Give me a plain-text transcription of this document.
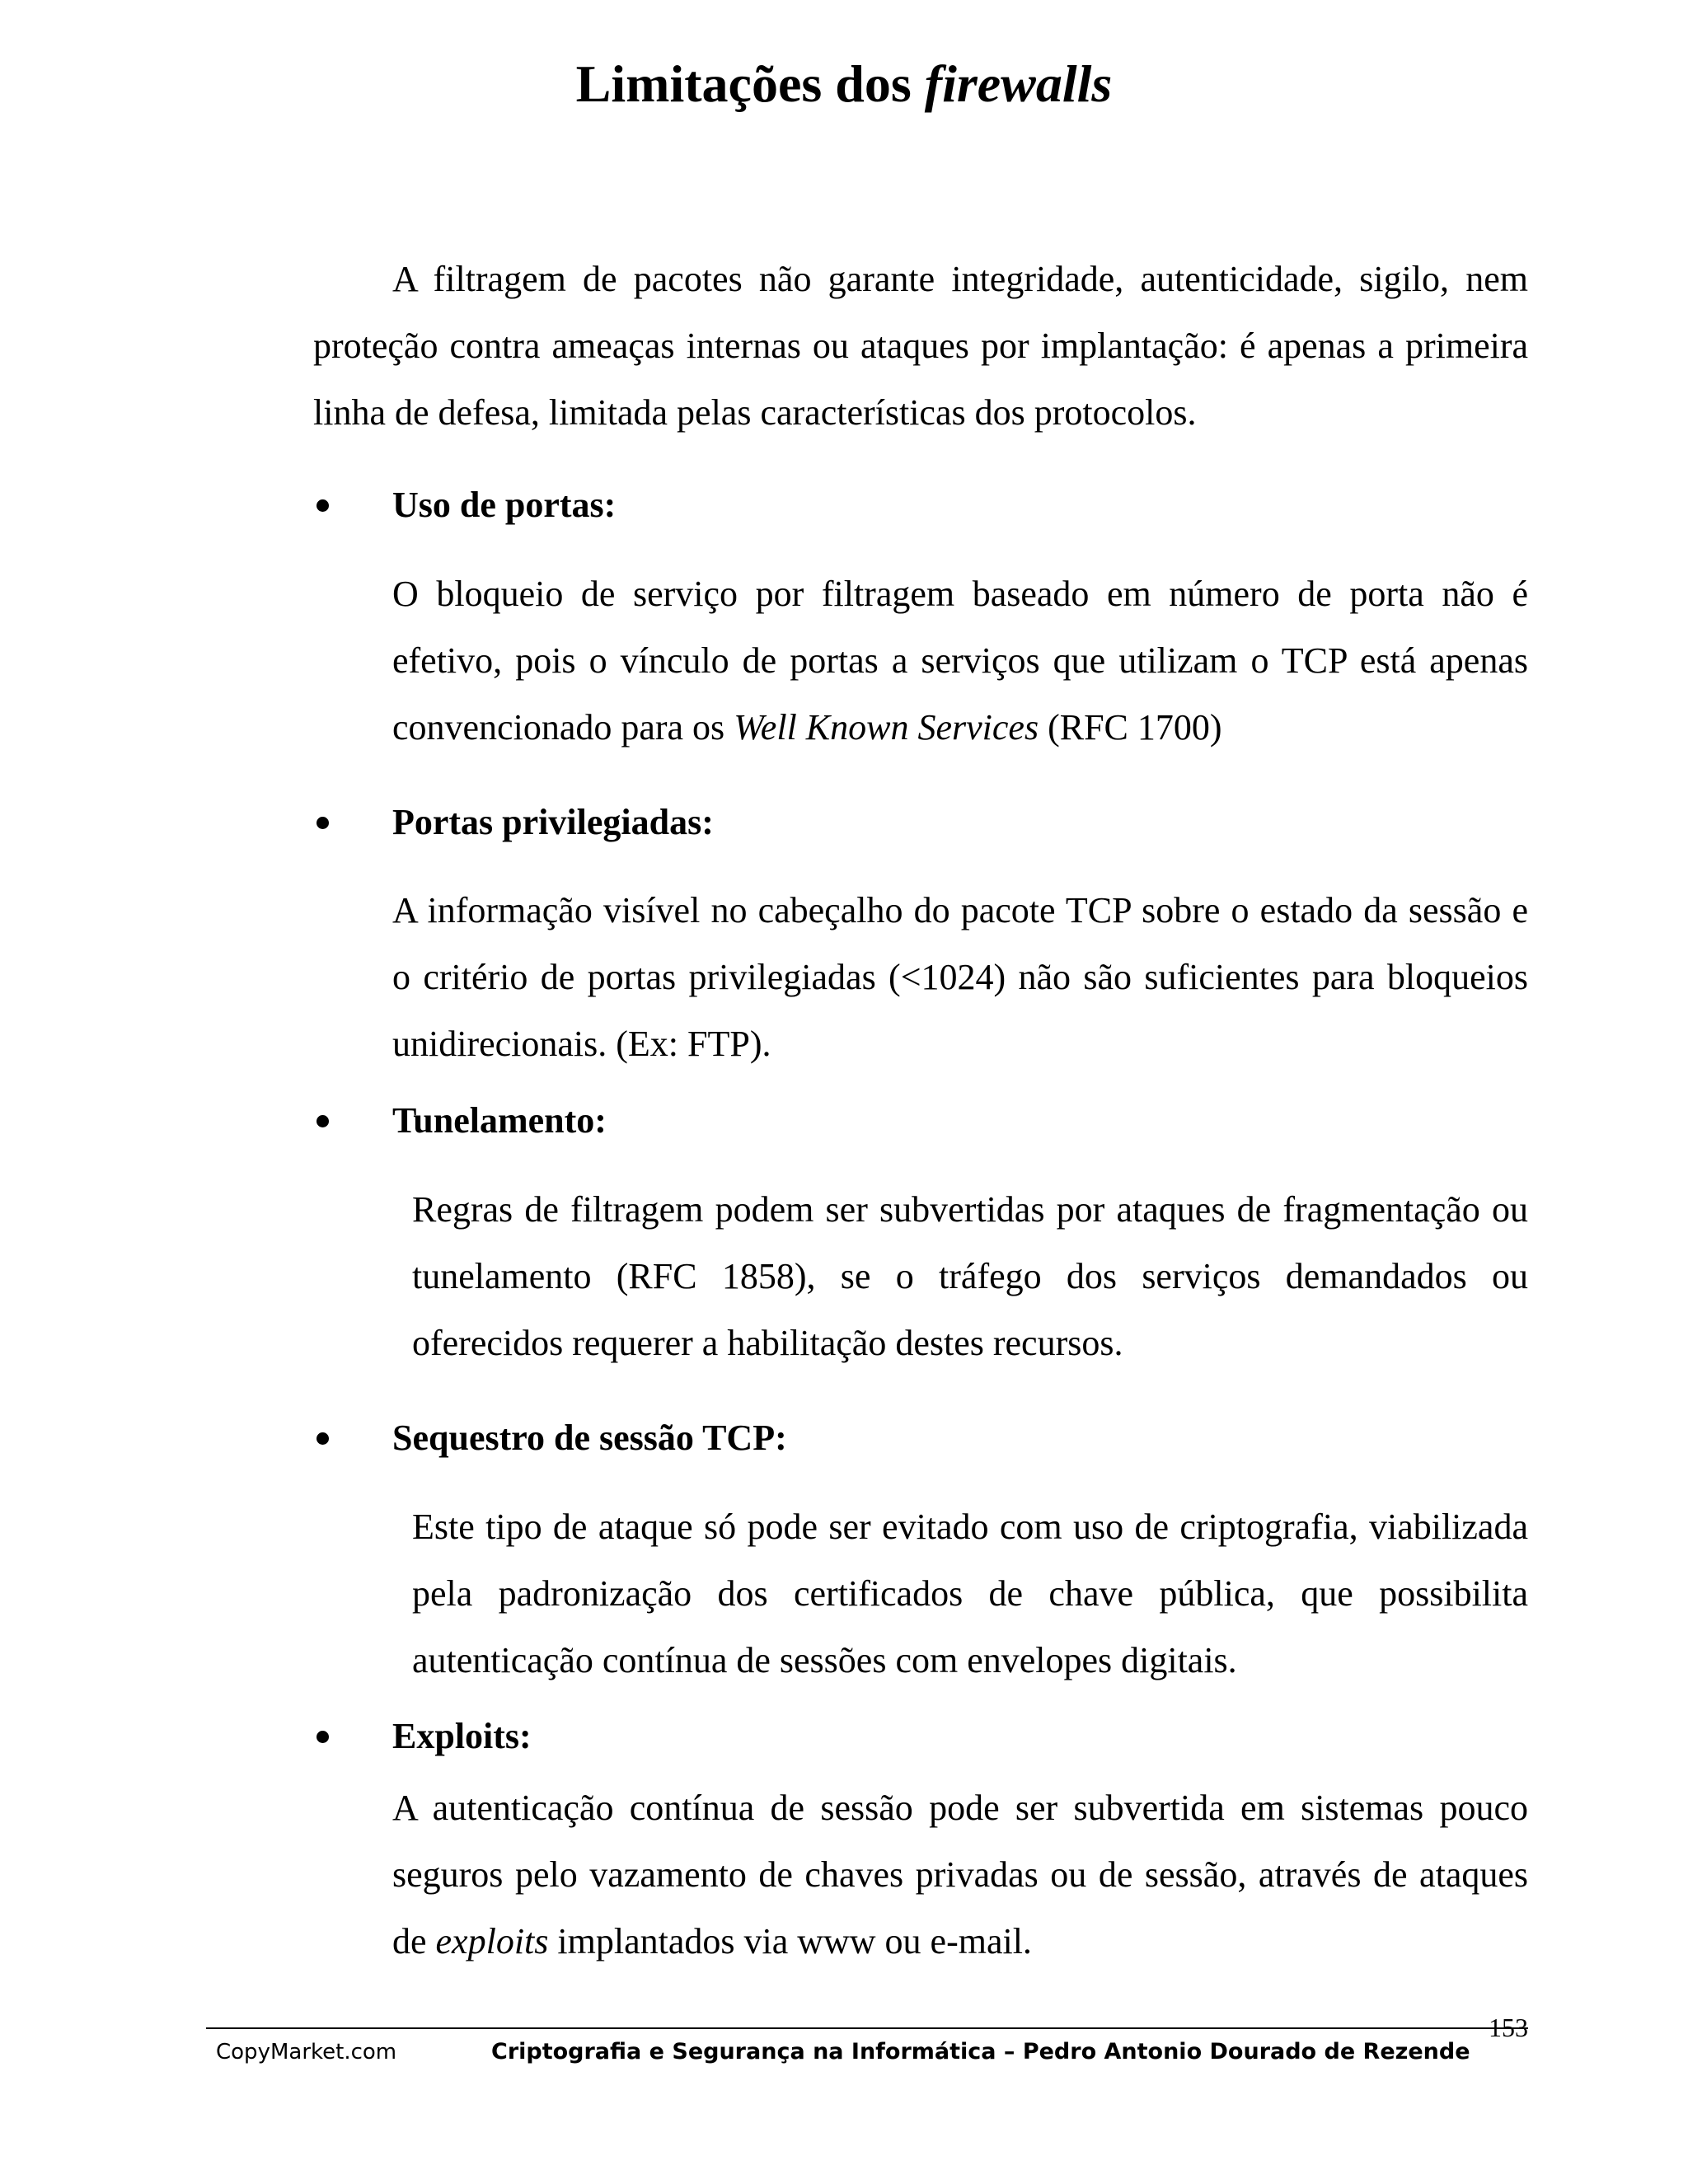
Limitações dos firewalls

A filtragem de pacotes não garante integridade, autenticidade, sigilo, nem proteção contra ameaças internas ou ataques por implantação: é apenas a primeira linha de defesa, limitada pelas características dos protocolos.

Uso de portas:

O bloqueio de serviço por filtragem baseado em número de porta não é efetivo, pois o vínculo de portas a serviços que utilizam o TCP está apenas convencionado para os Well Known Services (RFC 1700)

Portas privilegiadas:

A informação visível no cabeçalho do pacote TCP sobre o estado da sessão e o critério de portas privilegiadas (<1024) não são suficientes para bloqueios unidirecionais. (Ex: FTP).

Tunelamento:

Regras de filtragem podem ser subvertidas por ataques de fragmentação ou tunelamento (RFC 1858), se o tráfego dos serviços demandados ou oferecidos requerer a habilitação destes recursos.

Sequestro de sessão TCP:

Este tipo de ataque só pode ser evitado com uso de criptografia, viabilizada pela padronização dos certificados de chave pública, que possibilita autenticação contínua de sessões com envelopes digitais.

Exploits:

A autenticação contínua de sessão pode ser subvertida em sistemas pouco seguros pelo vazamento de chaves privadas ou de sessão, através de ataques de exploits implantados via www ou e-mail.

153
CopyMarket.com	Criptografia e Segurança na Informática – Pedro Antonio Dourado de Rezende
